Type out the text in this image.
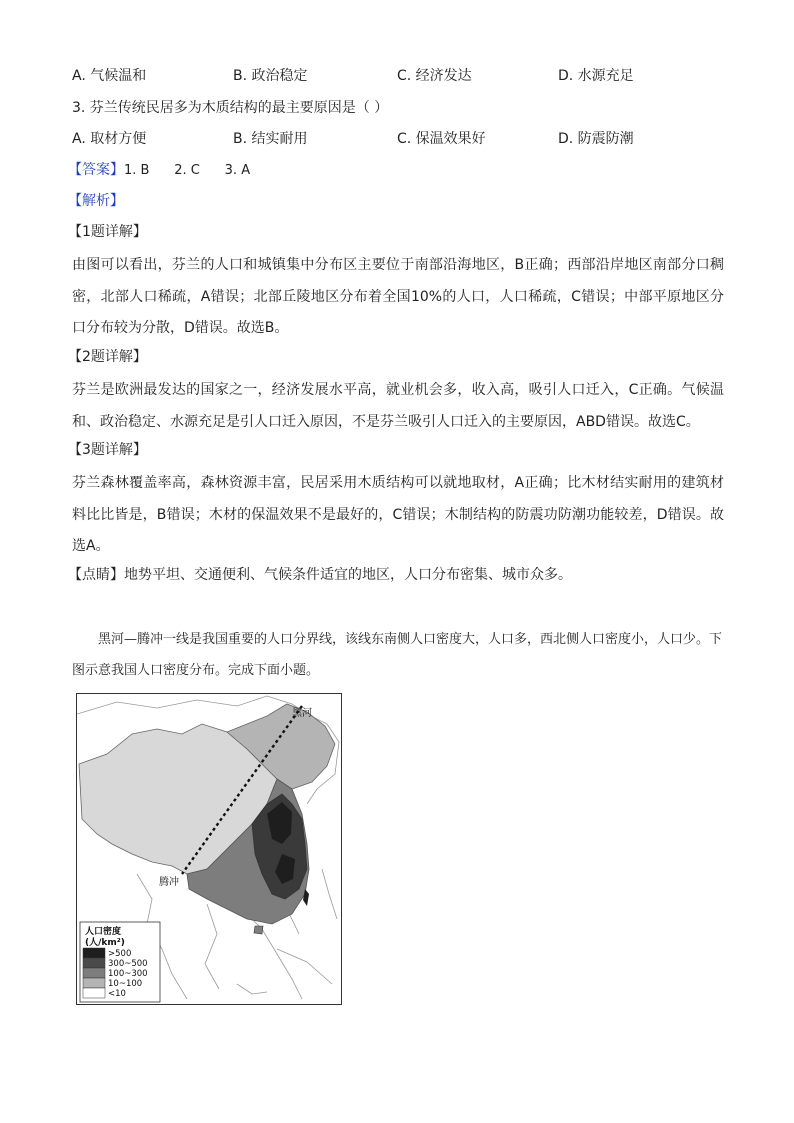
A. 气候温和	B. 政治稳定	C. 经济发达	D. 水源充足
3. 芬兰传统民居多为木质结构的最主要原因是（ ）
A. 取材方便	B. 结实耐用	C. 保温效果好	D. 防震防潮
【答案】1. B      2. C      3. A
【解析】
【1题详解】
由图可以看出，芬兰的人口和城镇集中分布区主要位于南部沿海地区，B正确；西部沿岸地区南部分口稠密，北部人口稀疏，A错误；北部丘陵地区分布着全国10%的人口，人口稀疏，C错误；中部平原地区分口分布较为分散，D错误。故选B。
【2题详解】
芬兰是欧洲最发达的国家之一，经济发展水平高，就业机会多，收入高，吸引人口迁入，C正确。气候温和、政治稳定、水源充足是引人口迁入原因，不是芬兰吸引人口迁入的主要原因，ABD错误。故选C。
【3题详解】
芬兰森林覆盖率高，森林资源丰富，民居采用木质结构可以就地取材，A正确；比木材结实耐用的建筑材料比比皆是，B错误；木材的保温效果不是最好的，C错误；木制结构的防震功防潮功能较差，D错误。故选A。
【点睛】地势平坦、交通便利、气候条件适宜的地区，人口分布密集、城市众多。
黑河—腾冲一线是我国重要的人口分界线，该线东南侧人口密度大，人口多，西北侧人口密度小，人口少。下图示意我国人口密度分布。完成下面小题。
黑河
腾冲
人口密度
(人/km²)
>500
300~500
100~300
10~100
<10
